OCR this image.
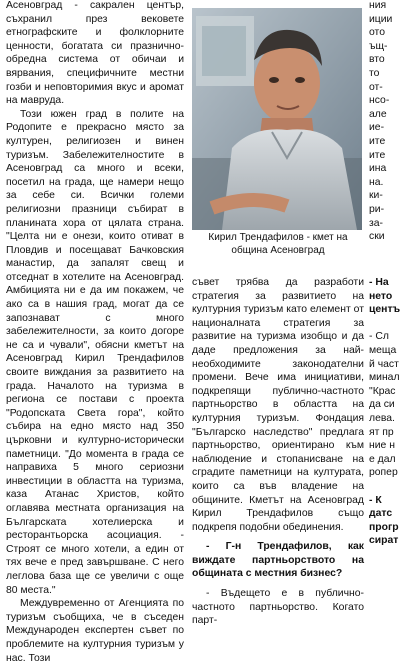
Асеновград - сакрален център, съхранил през вековете етнографските и фолклорните ценности, богатата си празнично-обредна система от обичаи и вярвания, специфичните местни гозби и неповторимия вкус и аромат на мавруда.

Този южен град в полите на Родопите е прекрасно място за културен, религиозен и винен туризъм. Забележителностите в Асеновград са много и всеки, посетил на града, ще намери нещо за себе си. Всички големи религиозни празници събират в планината хора от цялата страна. "Целта ни е онези, които отиват в Пловдив и посещават Бачковския манастир, да запалят свещ и отседнат в хотелите на Асеновград. Амбицията ни е да им покажем, че ако са в нашия град, могат да се запознават с много забележителности, за които догоре не са и чували", обясни кметът на Асеновград Кирил Трендафилов своите виждания за развитието на града. Началото на туризма в региона се постави с проекта "Родопската Света гора", който събира на едно място над 350 църковни и културно-исторически паметници. "До момента в града се направиха 5 много сериозни инвестиции в областта на туризма, каза Атанас Христов, който оглавява местната организация на Българската хотелиерска и ресторантьорска асоциация. - Строят се много хотели, а един от тях вече е пред завършване. С него леглова база ще се увеличи с още 80 места."

Междувременно от Агенцията по туризъм съобщиха, че в съседен Международен експертен съвет по проблемите на културния туризъм у нас. Този

Кирил Трендафилов - кмет на община Асеновград

съвет трябва да разработи стратегия за развитието на културния туризъм като елемент от националната стратегия за развитие на туризма изобщо и да даде предложения за най-необходимите законодателни промени. Вече има инициативи, подкрепящи публично-частното партньорство в областта на културния туризъм. Фондация "Българско наследство" предлага партньорство, ориентирано към наблюдение и стопанисване на сградите паметници на културата, които са във владение на общините. Кметът на Асеновград Кирил Трендафилов също подкрепя подобни обединения.

- Г-н Трендафилов, как виждате партньорството на общината с местния бизнес?

- Въдещето е в публично-частното партньорство. Когато парт-

ния
иции
ото
ъщ-
вто
то
от-
нсо-
але
ие-
ите
ите
ина
на.
ки-
ри-
за-
ски
- На
нето
центъ
- Сл
меща
й част
минал
"Крас
да си
лева.
ят пр
ние н
е дал
ропер
- К
датс
прогр
сират
